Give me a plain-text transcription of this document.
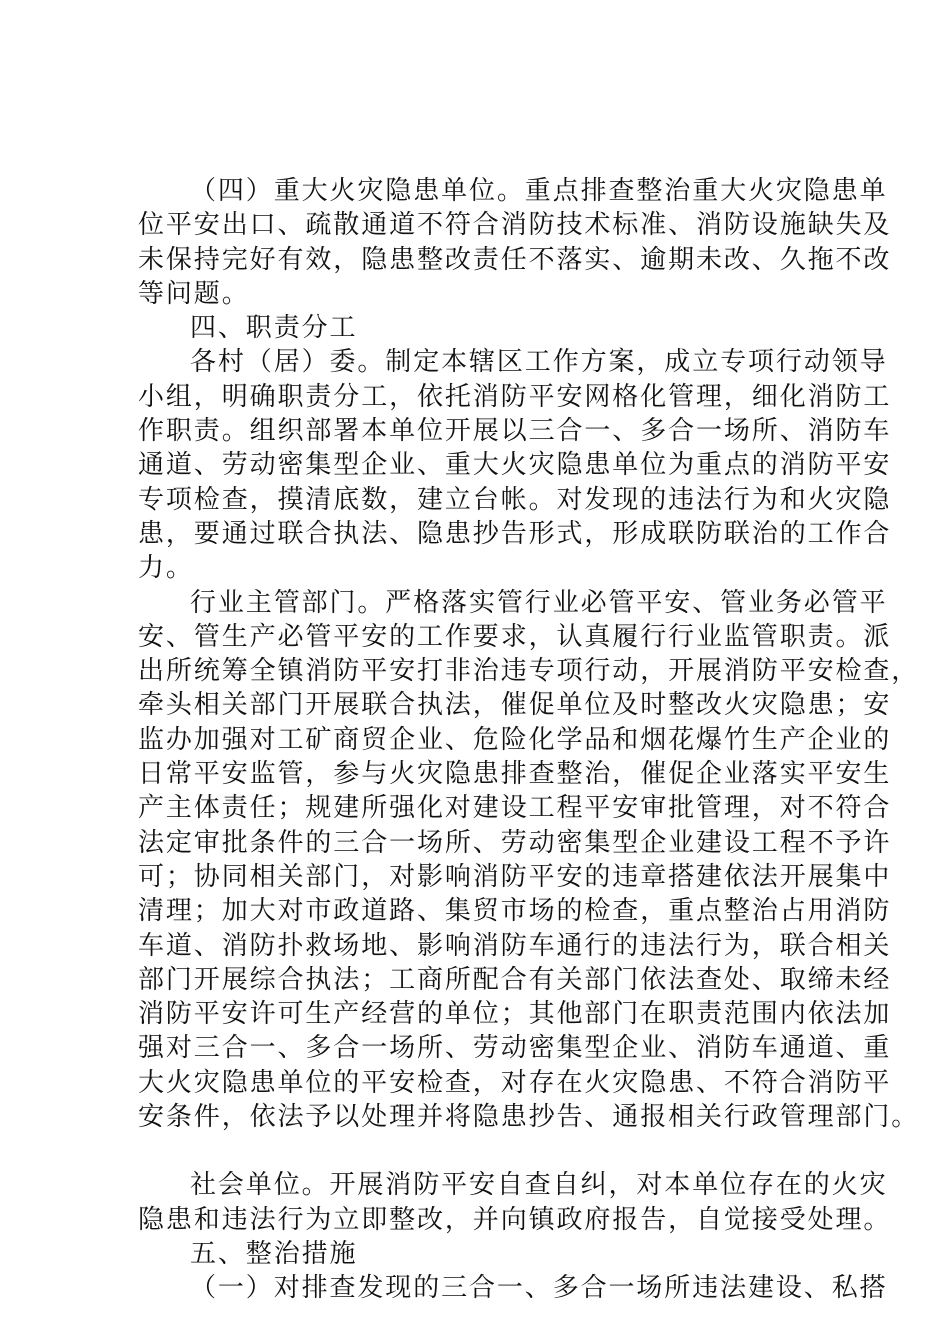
（四）重大火灾隐患单位。重点排查整治重大火灾隐患单
位平安出口、疏散通道不符合消防技术标准、消防设施缺失及
未保持完好有效，隐患整改责任不落实、逾期未改、久拖不改
等问题。
四、职责分工
各村（居）委。制定本辖区工作方案，成立专项行动领导
小组，明确职责分工，依托消防平安网格化管理，细化消防工
作职责。组织部署本单位开展以三合一、多合一场所、消防车
通道、劳动密集型企业、重大火灾隐患单位为重点的消防平安
专项检查，摸清底数，建立台帐。对发现的违法行为和火灾隐
患，要通过联合执法、隐患抄告形式，形成联防联治的工作合
力。
行业主管部门。严格落实管行业必管平安、管业务必管平
安、管生产必管平安的工作要求，认真履行行业监管职责。派
出所统筹全镇消防平安打非治违专项行动，开展消防平安检查，
牵头相关部门开展联合执法，催促单位及时整改火灾隐患；安
监办加强对工矿商贸企业、危险化学品和烟花爆竹生产企业的
日常平安监管，参与火灾隐患排查整治，催促企业落实平安生
产主体责任；规建所强化对建设工程平安审批管理，对不符合
法定审批条件的三合一场所、劳动密集型企业建设工程不予许
可；协同相关部门，对影响消防平安的违章搭建依法开展集中
清理；加大对市政道路、集贸市场的检查，重点整治占用消防
车道、消防扑救场地、影响消防车通行的违法行为，联合相关
部门开展综合执法；工商所配合有关部门依法查处、取缔未经
消防平安许可生产经营的单位；其他部门在职责范围内依法加
强对三合一、多合一场所、劳动密集型企业、消防车通道、重
大火灾隐患单位的平安检查，对存在火灾隐患、不符合消防平
安条件，依法予以处理并将隐患抄告、通报相关行政管理部门。
社会单位。开展消防平安自查自纠，对本单位存在的火灾
隐患和违法行为立即整改，并向镇政府报告，自觉接受处理。
五、整治措施
（一）对排查发现的三合一、多合一场所违法建设、私搭
